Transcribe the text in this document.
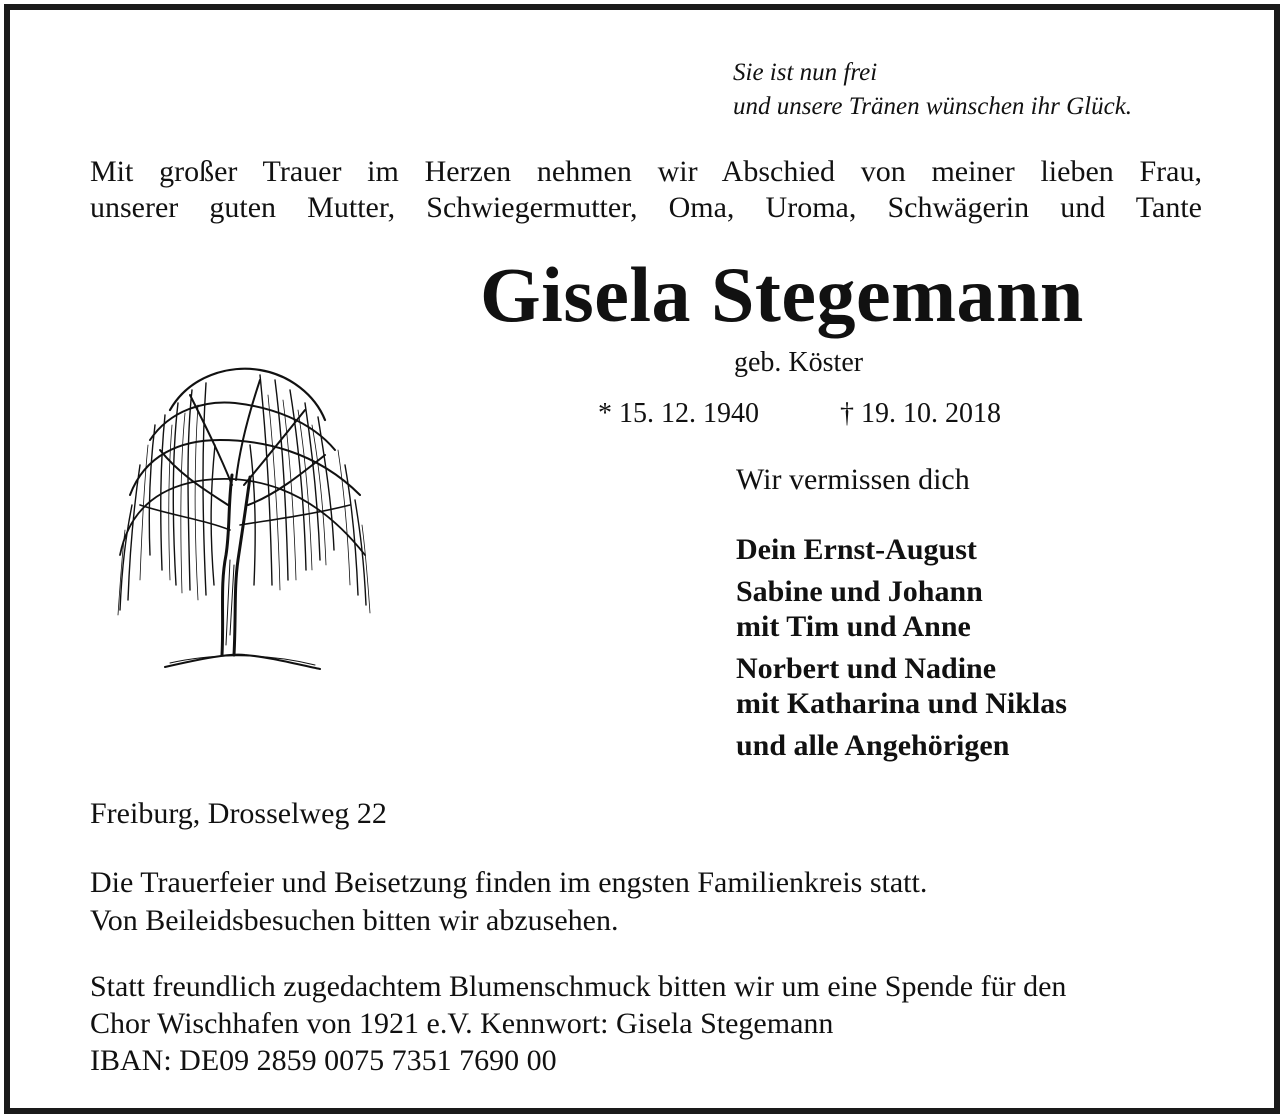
Sie ist nun frei
und unsere Tränen wünschen ihr Glück.
Mit großer Trauer im Herzen nehmen wir Abschied von meiner lieben Frau,
unserer guten Mutter, Schwiegermutter, Oma, Uroma, Schwägerin und Tante
Gisela Stegemann
geb. Köster
* 15. 12. 1940	† 19. 10. 2018
Wir vermissen dich
Dein Ernst-August
Sabine und Johann
mit Tim und Anne
Norbert und Nadine
mit Katharina und Niklas
und alle Angehörigen
Freiburg, Drosselweg 22
Die Trauerfeier und Beisetzung finden im engsten Familienkreis statt.
Von Beileidsbesuchen bitten wir abzusehen.
Statt freundlich zugedachtem Blumenschmuck bitten wir um eine Spende für den
Chor Wischhafen von 1921 e.V. Kennwort: Gisela Stegemann
IBAN: DE09 2859 0075 7351 7690 00
